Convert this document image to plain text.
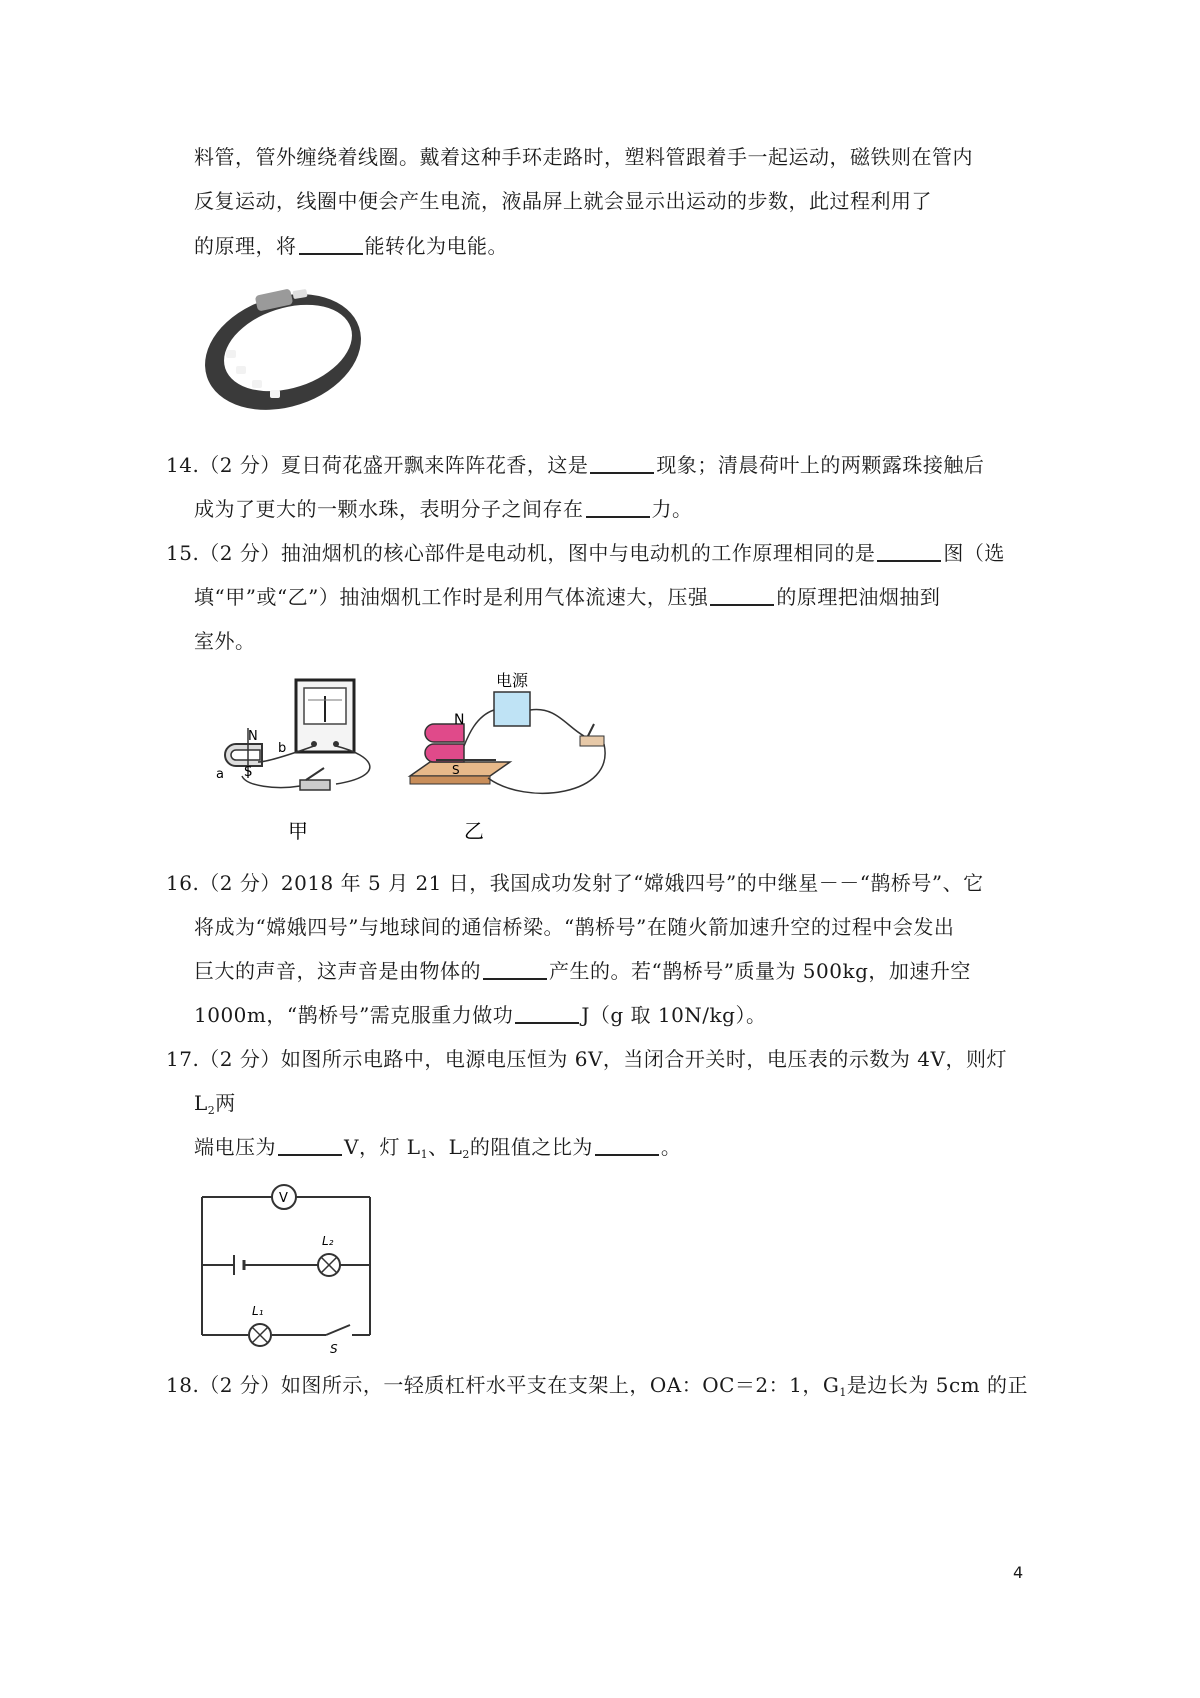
料管，管外缠绕着线圈。戴着这种手环走路时，塑料管跟着手一起运动，磁铁则在管内
反复运动，线圈中便会产生电流，液晶屏上就会显示出运动的步数，此过程利用了
的原理，将	能转化为电能。
14.（2 分）夏日荷花盛开飘来阵阵花香，这是	现象；清晨荷叶上的两颗露珠接触后
成为了更大的一颗水珠，表明分子之间存在	力。
15.（2 分）抽油烟机的核心部件是电动机，图中与电动机的工作原理相同的是	图（选
填“甲”或“乙”）抽油烟机工作时是利用气体流速大，压强	的原理把油烟抽到
室外。
S
N
a
b
甲
电源
N
S
乙
16.（2 分）2018 年 5 月 21 日，我国成功发射了“嫦娥四号”的中继星－－“鹊桥号”、它
将成为“嫦娥四号”与地球间的通信桥梁。“鹊桥号”在随火箭加速升空的过程中会发出
巨大的声音，这声音是由物体的	产生的。若“鹊桥号”质量为 500kg，加速升空
1000m，“鹊桥号”需克服重力做功	J（g 取 10N/kg）。
17.（2 分）如图所示电路中，电源电压恒为 6V，当闭合开关时，电压表的示数为 4V，则灯
$L_2$两
端电压为	V，灯 $L_1$、$L_2$的阻值之比为	。
V
L₂
L₁
S
18.（2 分）如图所示，一轻质杠杆水平支在支架上，OA：OC＝2：1，$G_1$是边长为 5cm 的正
4
